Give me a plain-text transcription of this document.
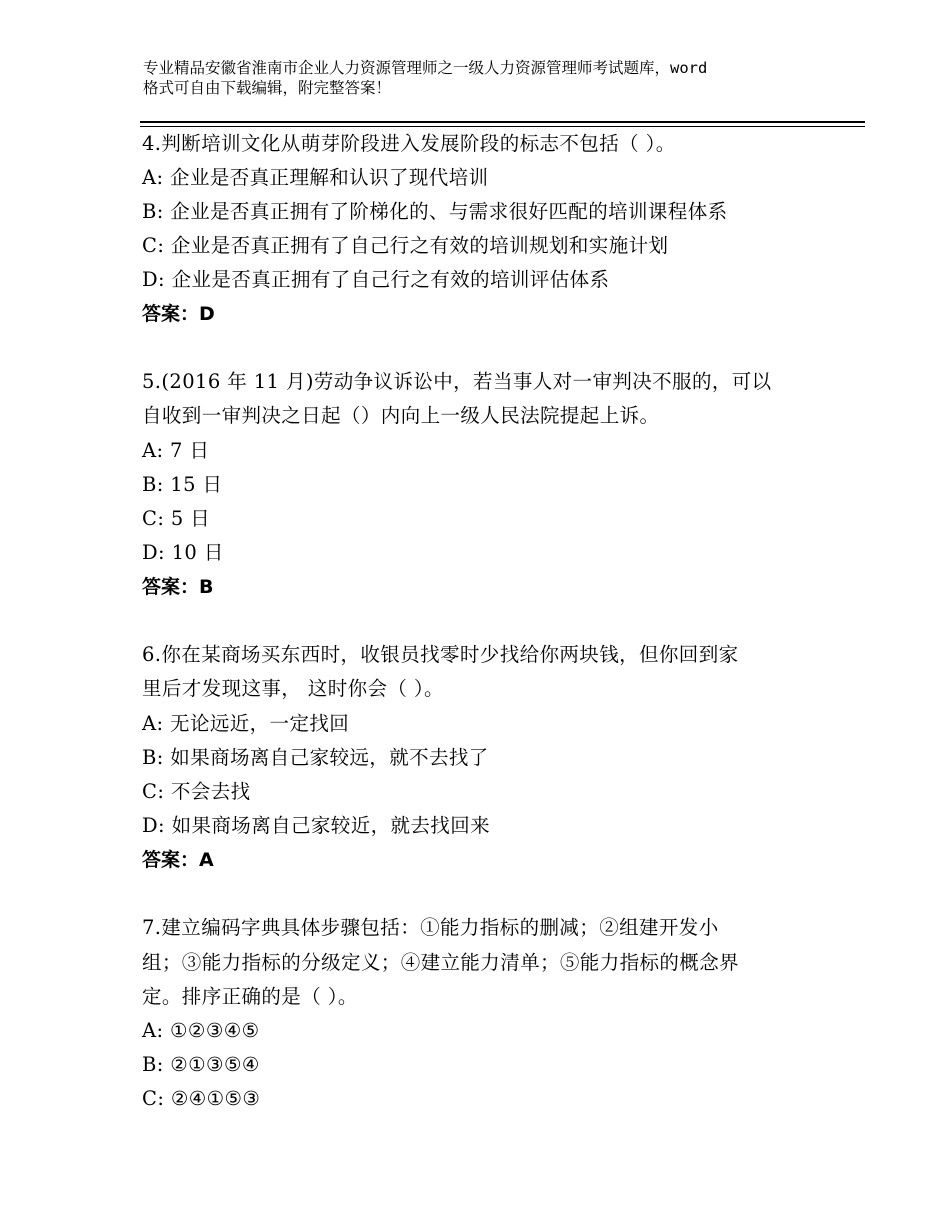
专业精品安徽省淮南市企业人力资源管理师之一级人力资源管理师考试题库，word
格式可自由下载编辑，附完整答案！
4.判断培训文化从萌芽阶段进入发展阶段的标志不包括（ ）。
A: 企业是否真正理解和认识了现代培训
B: 企业是否真正拥有了阶梯化的、与需求很好匹配的培训课程体系
C: 企业是否真正拥有了自己行之有效的培训规划和实施计划
D: 企业是否真正拥有了自己行之有效的培训评估体系
答案：D
5.(2016 年 11 月)劳动争议诉讼中，若当事人对一审判决不服的，可以
自收到一审判决之日起（）内向上一级人民法院提起上诉。
A: 7 日
B: 15 日
C: 5 日
D: 10 日
答案：B
6.你在某商场买东西时，收银员找零时少找给你两块钱，但你回到家
里后才发现这事， 这时你会（ ）。
A: 无论远近，一定找回
B: 如果商场离自己家较远，就不去找了
C: 不会去找
D: 如果商场离自己家较近，就去找回来
答案：A
7.建立编码字典具体步骤包括：①能力指标的删减；②组建开发小
组；③能力指标的分级定义；④建立能力清单；⑤能力指标的概念界
定。排序正确的是（ ）。
A: ①②③④⑤
B: ②①③⑤④
C: ②④①⑤③
